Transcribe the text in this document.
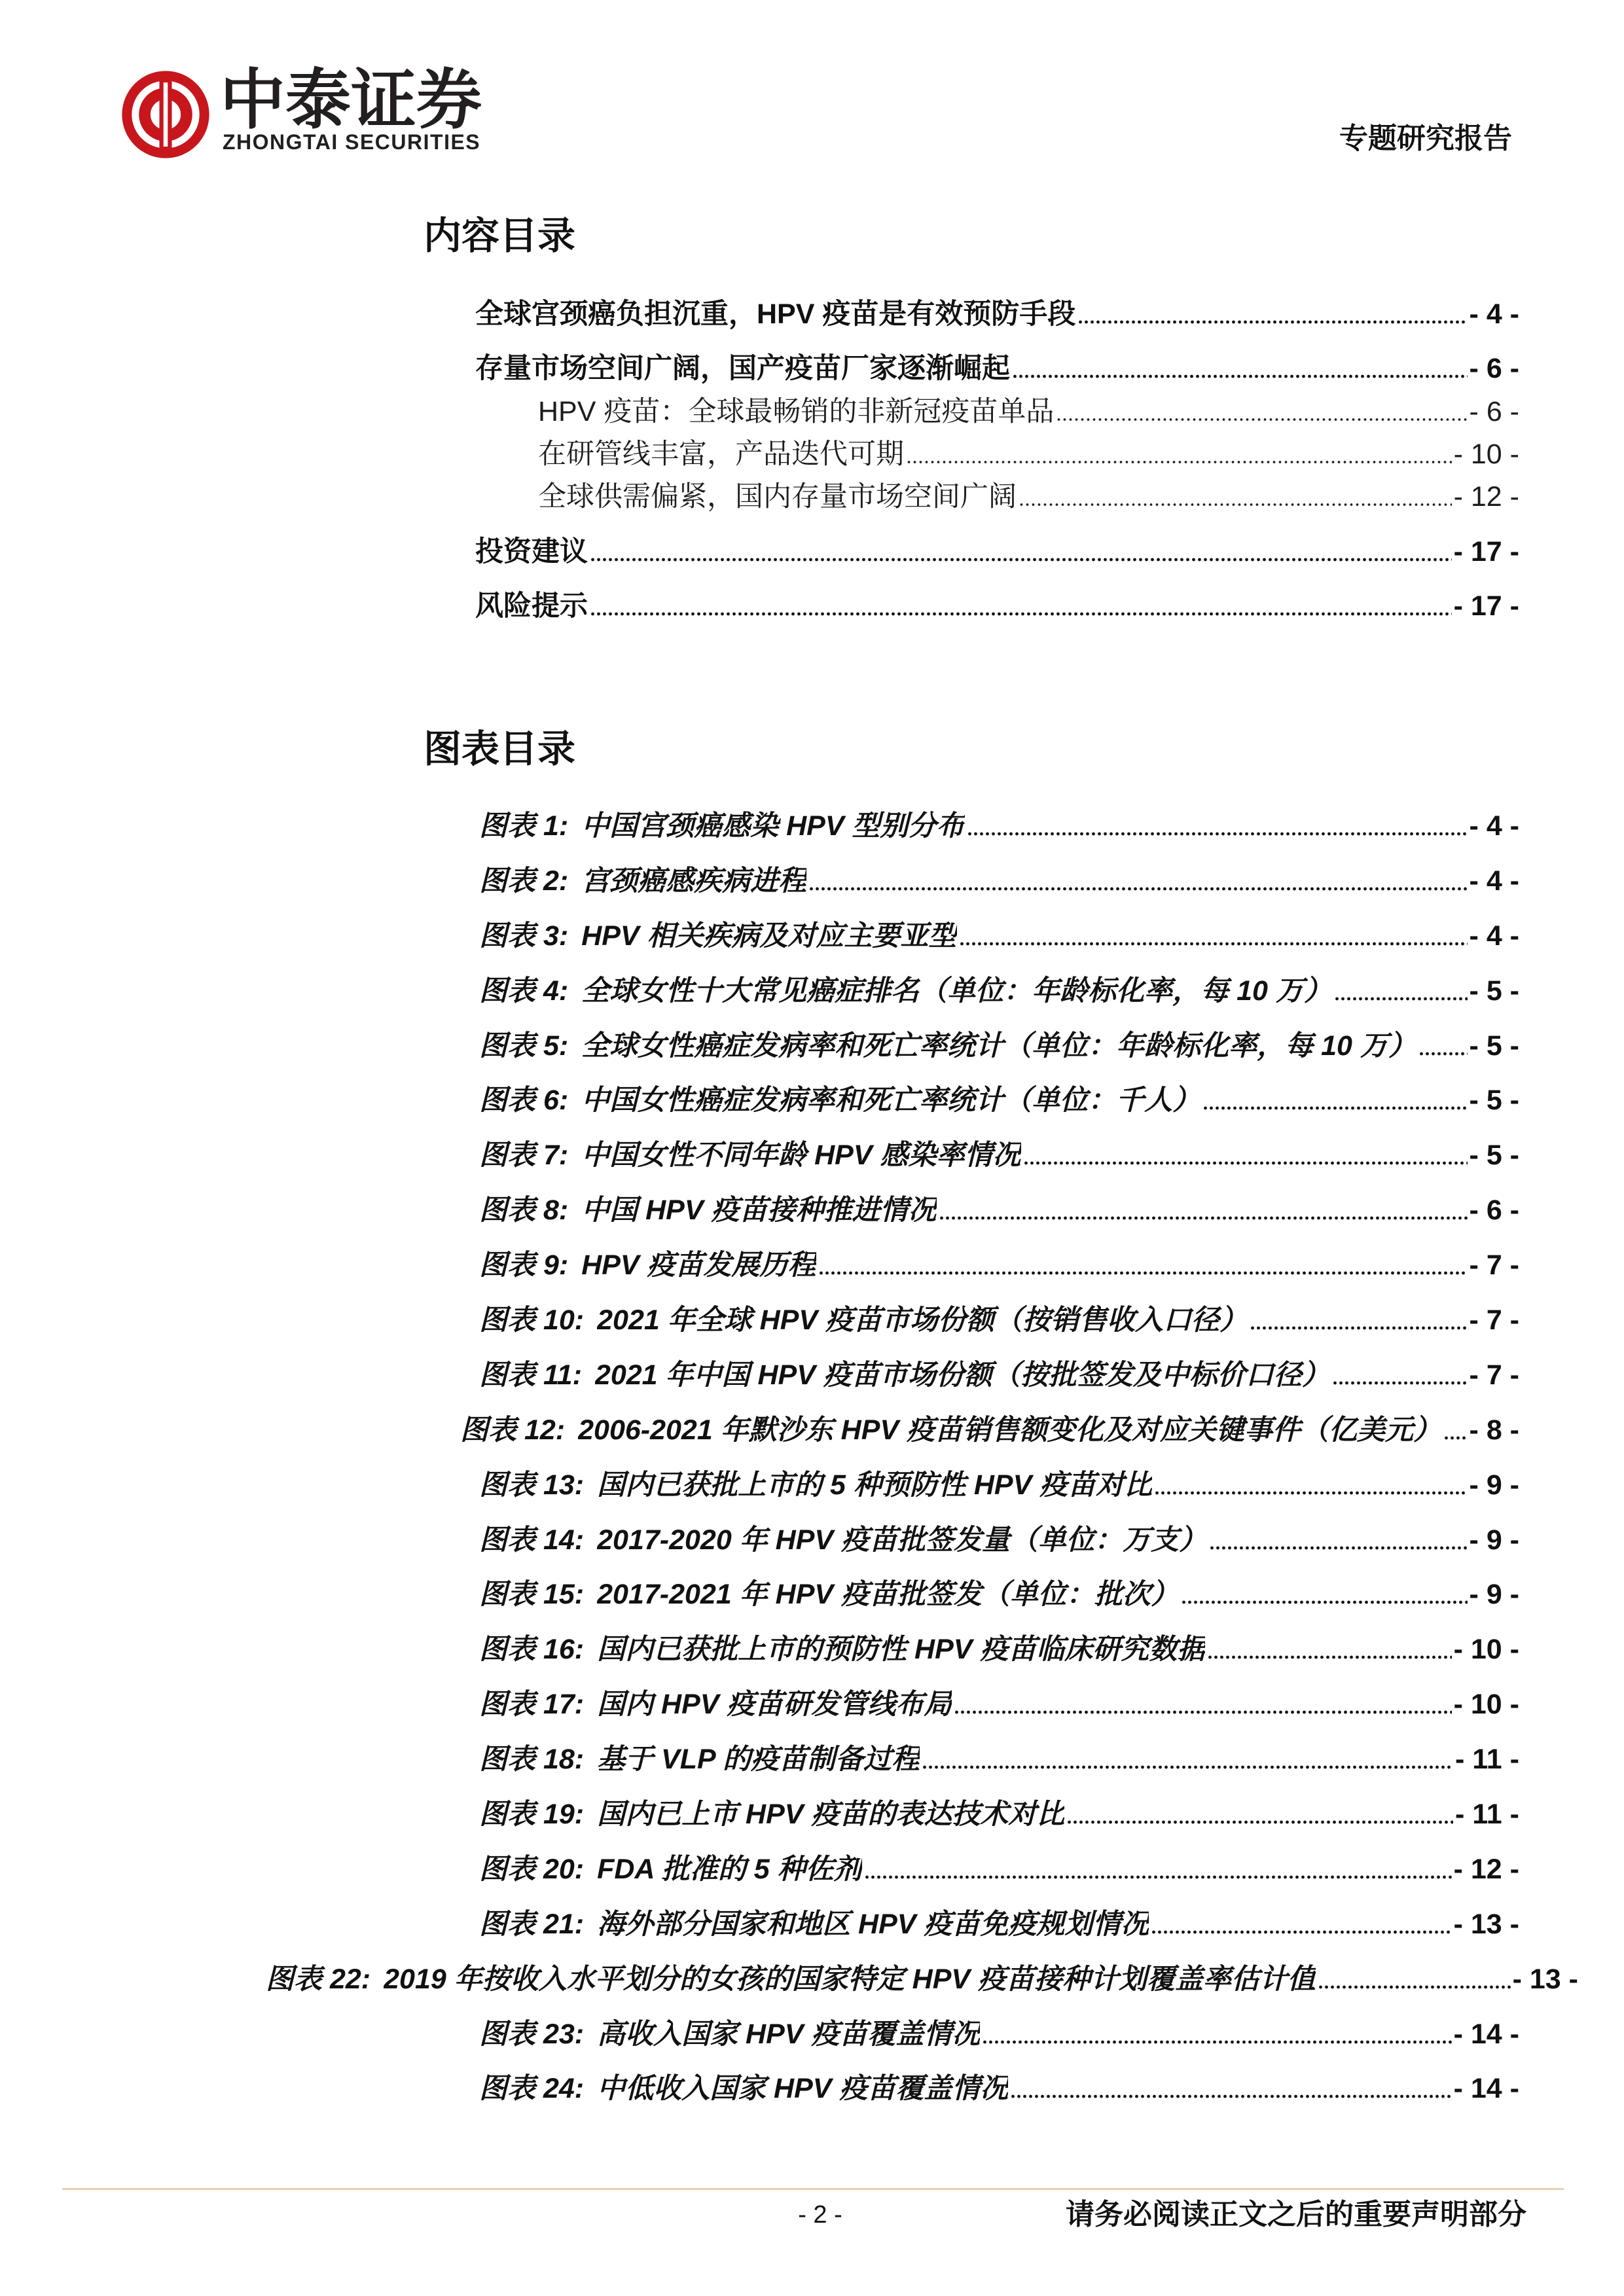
中泰证券
ZHONGTAI SECURITIES	专题研究报告
内容目录
全球宫颈癌负担沉重，HPV 疫苗是有效预防手段	- 4 -
存量市场空间广阔，国产疫苗厂家逐渐崛起	- 6 -
HPV 疫苗：全球最畅销的非新冠疫苗单品	- 6 -
在研管线丰富，产品迭代可期	- 10 -
全球供需偏紧，国内存量市场空间广阔	- 12 -
投资建议	- 17 -
风险提示	- 17 -
图表目录
图表 1: 中国宫颈癌感染 HPV 型别分布	- 4 -
图表 2: 宫颈癌感疾病进程	- 4 -
图表 3: HPV 相关疾病及对应主要亚型	- 4 -
图表 4: 全球女性十大常见癌症排名（单位：年龄标化率，每 10 万）	- 5 -
图表 5: 全球女性癌症发病率和死亡率统计（单位：年龄标化率，每 10 万） - 5 -
图表 6: 中国女性癌症发病率和死亡率统计（单位：千人）	- 5 -
图表 7: 中国女性不同年龄 HPV 感染率情况	- 5 -
图表 8: 中国 HPV 疫苗接种推进情况	- 6 -
图表 9: HPV 疫苗发展历程	- 7 -
图表 10: 2021 年全球 HPV 疫苗市场份额（按销售收入口径）	- 7 -
图表 11: 2021 年中国 HPV 疫苗市场份额（按批签发及中标价口径）	- 7 -
图表 12: 2006-2021 年默沙东 HPV 疫苗销售额变化及对应关键事件（亿美元） - 8 -
图表 13: 国内已获批上市的 5 种预防性 HPV 疫苗对比	- 9 -
图表 14: 2017-2020 年 HPV 疫苗批签发量（单位：万支）	- 9 -
图表 15: 2017-2021 年 HPV 疫苗批签发（单位：批次）	- 9 -
图表 16: 国内已获批上市的预防性 HPV 疫苗临床研究数据	- 10 -
图表 17: 国内 HPV 疫苗研发管线布局	- 10 -
图表 18: 基于 VLP 的疫苗制备过程	- 11 -
图表 19: 国内已上市 HPV 疫苗的表达技术对比	- 11 -
图表 20: FDA 批准的 5 种佐剂	- 12 -
图表 21: 海外部分国家和地区 HPV 疫苗免疫规划情况	- 13 -
图表 22: 2019 年按收入水平划分的女孩的国家特定 HPV 疫苗接种计划覆盖率估计值	- 13 -
图表 23: 高收入国家 HPV 疫苗覆盖情况	- 14 -
图表 24: 中低收入国家 HPV 疫苗覆盖情况	- 14 -
- 2 -	请务必阅读正文之后的重要声明部分
